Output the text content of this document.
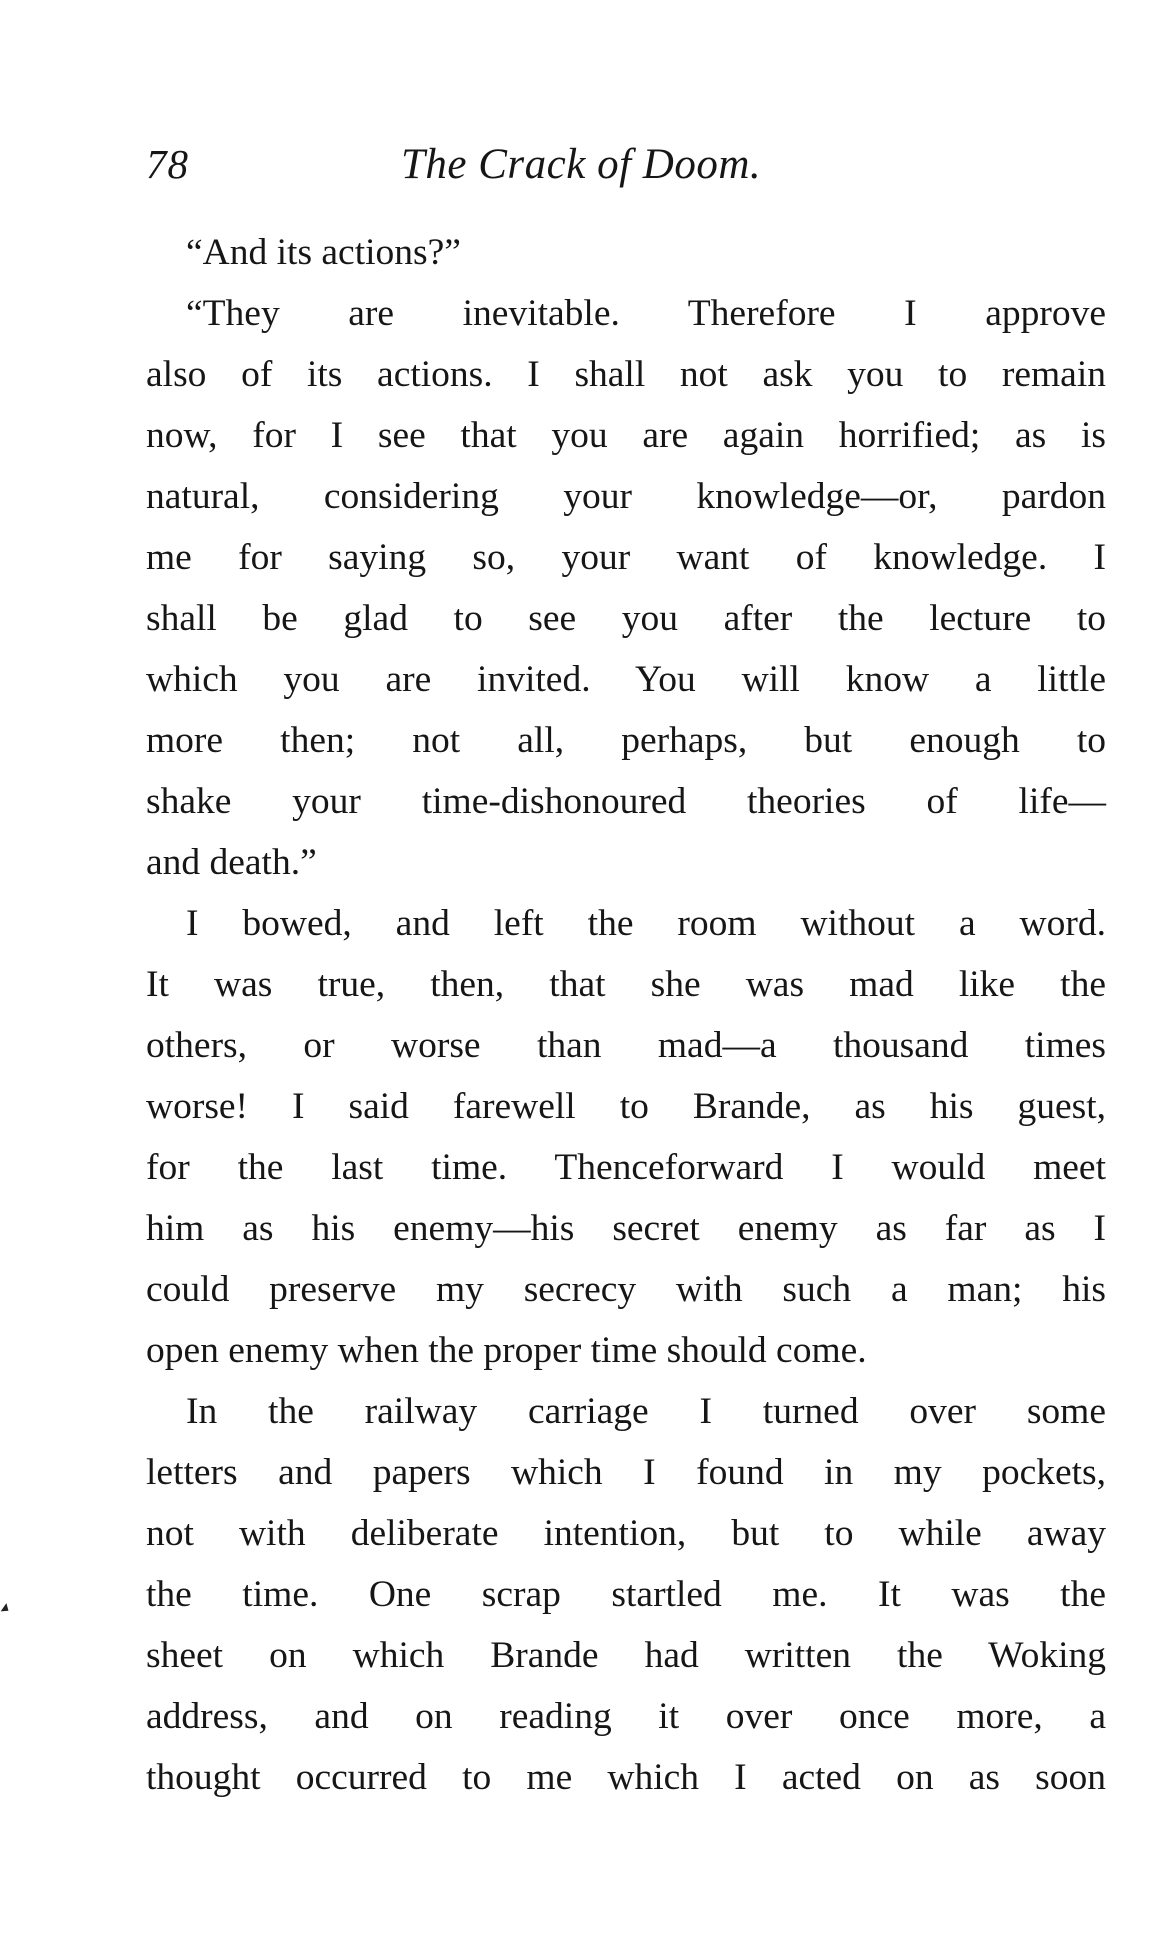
78	The Crack of Doom.
“And its actions?”
“They are inevitable. Therefore I approve
also of its actions. I shall not ask you to remain
now, for I see that you are again horrified; as is
natural, considering your knowledge—or, pardon
me for saying so, your want of knowledge. I
shall be glad to see you after the lecture to
which you are invited. You will know a little
more then; not all, perhaps, but enough to
shake your time-dishonoured theories of life—
and death.”
I bowed, and left the room without a word.
It was true, then, that she was mad like the
others, or worse than mad—a thousand times
worse! I said farewell to Brande, as his guest,
for the last time. Thenceforward I would meet
him as his enemy—his secret enemy as far as I
could preserve my secrecy with such a man; his
open enemy when the proper time should come.
In the railway carriage I turned over some
letters and papers which I found in my pockets,
not with deliberate intention, but to while away
the time. One scrap startled me. It was the
sheet on which Brande had written the Woking
address, and on reading it over once more, a
thought occurred to me which I acted on as soon
